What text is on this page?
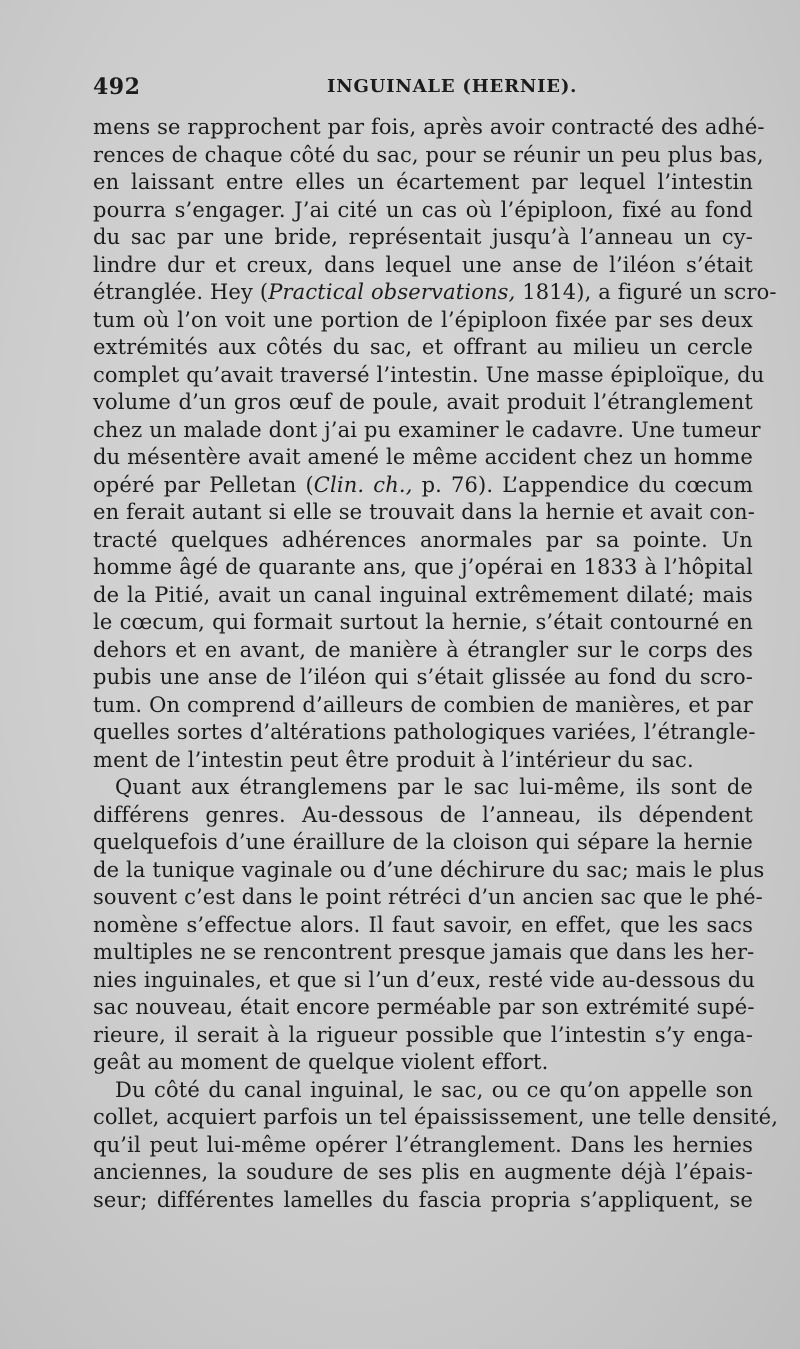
492	INGUINALE (HERNIE).
mens se rapprochent par fois, après avoir contracté des adhé-
rences de chaque côté du sac, pour se réunir un peu plus bas,
en laissant entre elles un écartement par lequel l’intestin
pourra s’engager. J’ai cité un cas où l’épiploon, fixé au fond
du sac par une bride, représentait jusqu’à l’anneau un cy-
lindre dur et creux, dans lequel une anse de l’iléon s’était
étranglée. Hey (Practical observations, 1814), a figuré un scro-
tum où l’on voit une portion de l’épiploon fixée par ses deux
extrémités aux côtés du sac, et offrant au milieu un cercle
complet qu’avait traversé l’intestin. Une masse épiploïque, du
volume d’un gros œuf de poule, avait produit l’étranglement
chez un malade dont j’ai pu examiner le cadavre. Une tumeur
du mésentère avait amené le même accident chez un homme
opéré par Pelletan (Clin. ch., p. 76). L’appendice du cœcum
en ferait autant si elle se trouvait dans la hernie et avait con-
tracté quelques adhérences anormales par sa pointe. Un
homme âgé de quarante ans, que j’opérai en 1833 à l’hôpital
de la Pitié, avait un canal inguinal extrêmement dilaté; mais
le cœcum, qui formait surtout la hernie, s’était contourné en
dehors et en avant, de manière à étrangler sur le corps des
pubis une anse de l’iléon qui s’était glissée au fond du scro-
tum. On comprend d’ailleurs de combien de manières, et par
quelles sortes d’altérations pathologiques variées, l’étrangle-
ment de l’intestin peut être produit à l’intérieur du sac.
Quant aux étranglemens par le sac lui-même, ils sont de
différens genres. Au-dessous de l’anneau, ils dépendent
quelquefois d’une éraillure de la cloison qui sépare la hernie
de la tunique vaginale ou d’une déchirure du sac; mais le plus
souvent c’est dans le point rétréci d’un ancien sac que le phé-
nomène s’effectue alors. Il faut savoir, en effet, que les sacs
multiples ne se rencontrent presque jamais que dans les her-
nies inguinales, et que si l’un d’eux, resté vide au-dessous du
sac nouveau, était encore perméable par son extrémité supé-
rieure, il serait à la rigueur possible que l’intestin s’y enga-
geât au moment de quelque violent effort.
Du côté du canal inguinal, le sac, ou ce qu’on appelle son
collet, acquiert parfois un tel épaississement, une telle densité,
qu’il peut lui-même opérer l’étranglement. Dans les hernies
anciennes, la soudure de ses plis en augmente déjà l’épais-
seur; différentes lamelles du fascia propria s’appliquent, se
